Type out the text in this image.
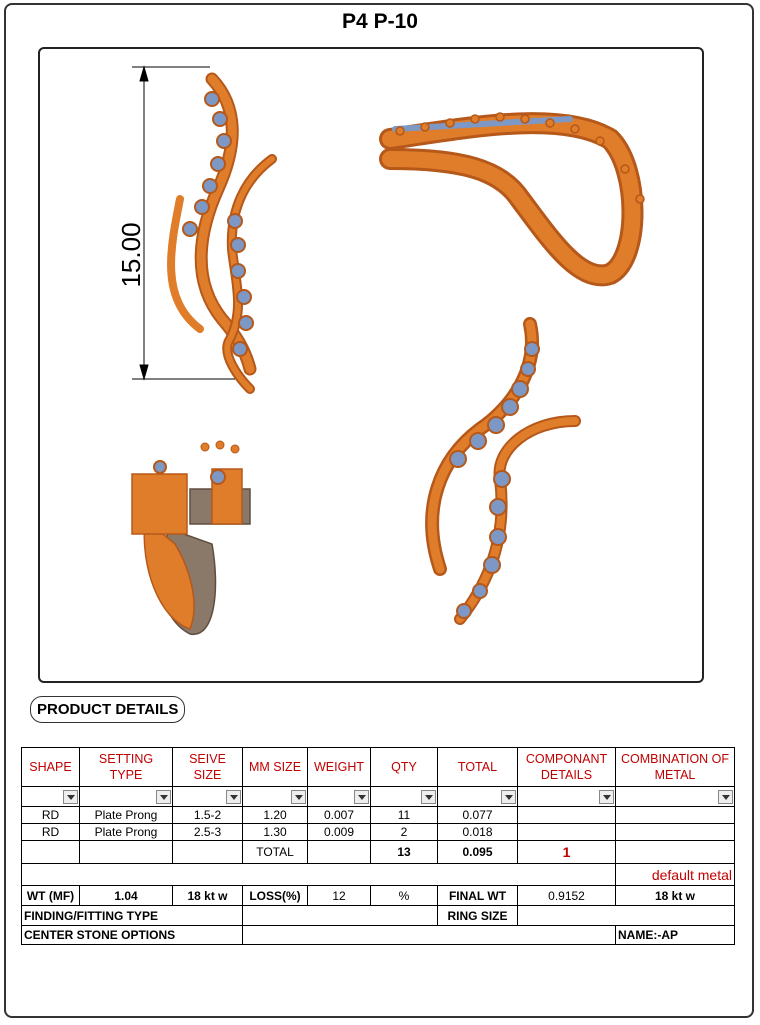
P4 P-10
15.00
PRODUCT DETAILS
SHAPE	SETTING TYPE	SEIVE SIZE	MM SIZE	WEIGHT	QTY	TOTAL	COMPONANT DETAILS	COMBINATION OF METAL

RD	Plate Prong	1.5-2	1.20	0.007	11	0.077		
RD	Plate Prong	2.5-3	1.30	0.009	2	0.018		
			TOTAL		13	0.095	1	
								default metal
WT (MF)	1.04	18 kt w	LOSS(%)	12	%	FINAL WT	0.9152	18 kt w
FINDING/FITTING TYPE						RING SIZE		
CENTER STONE OPTIONS								NAME:-AP
